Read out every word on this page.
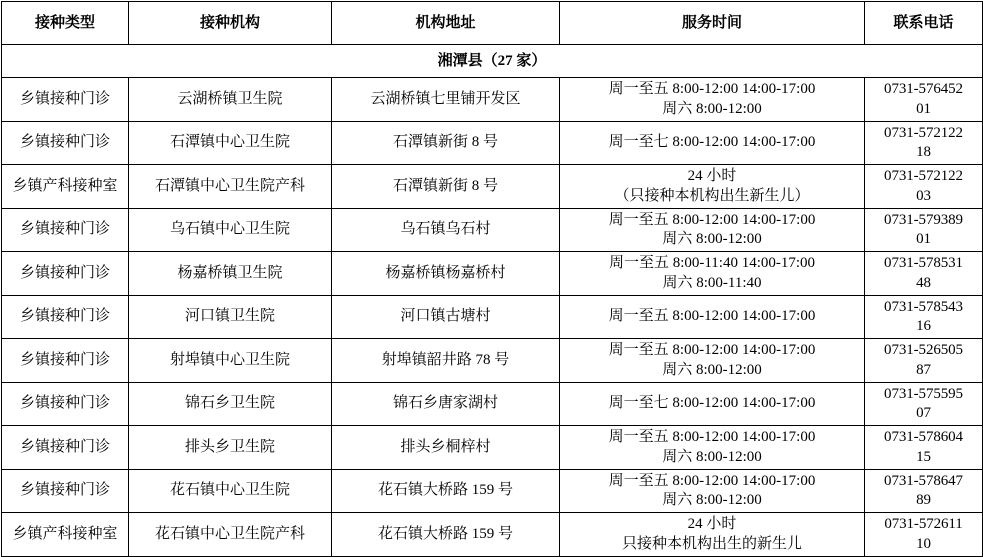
接种类型	接种机构	机构地址	服务时间	联系电话
湘潭县（27 家）				
乡镇接种门诊	云湖桥镇卫生院	云湖桥镇七里铺开发区	周一至五 8:00-12:00 14:00-17:00
周六 8:00-12:00	0731-576452
01

乡镇接种门诊	石潭镇中心卫生院	石潭镇新街 8 号	周一至七 8:00-12:00 14:00-17:00	0731-572122
18

乡镇产科接种室	石潭镇中心卫生院产科	石潭镇新街 8 号	24 小时
（只接种本机构出生新生儿）	0731-572122
03

乡镇接种门诊	乌石镇中心卫生院	乌石镇乌石村	周一至五 8:00-12:00 14:00-17:00
周六 8:00-12:00	0731-579389
01

乡镇接种门诊	杨嘉桥镇卫生院	杨嘉桥镇杨嘉桥村	周一至五 8:00-11:40 14:00-17:00
周六 8:00-11:40	0731-578531
48

乡镇接种门诊	河口镇卫生院	河口镇古塘村	周一至五 8:00-12:00 14:00-17:00	0731-578543
16

乡镇接种门诊	射埠镇中心卫生院	射埠镇韶井路 78 号	周一至五 8:00-12:00 14:00-17:00
周六 8:00-12:00	0731-526505
87

乡镇接种门诊	锦石乡卫生院	锦石乡唐家湖村	周一至七 8:00-12:00 14:00-17:00	0731-575595
07

乡镇接种门诊	排头乡卫生院	排头乡桐梓村	周一至五 8:00-12:00 14:00-17:00
周六 8:00-12:00	0731-578604
15

乡镇接种门诊	花石镇中心卫生院	花石镇大桥路 159 号	周一至五 8:00-12:00 14:00-17:00
周六 8:00-12:00	0731-578647
89

乡镇产科接种室	花石镇中心卫生院产科	花石镇大桥路 159 号	24 小时
只接种本机构出生的新生儿	0731-572611
10
